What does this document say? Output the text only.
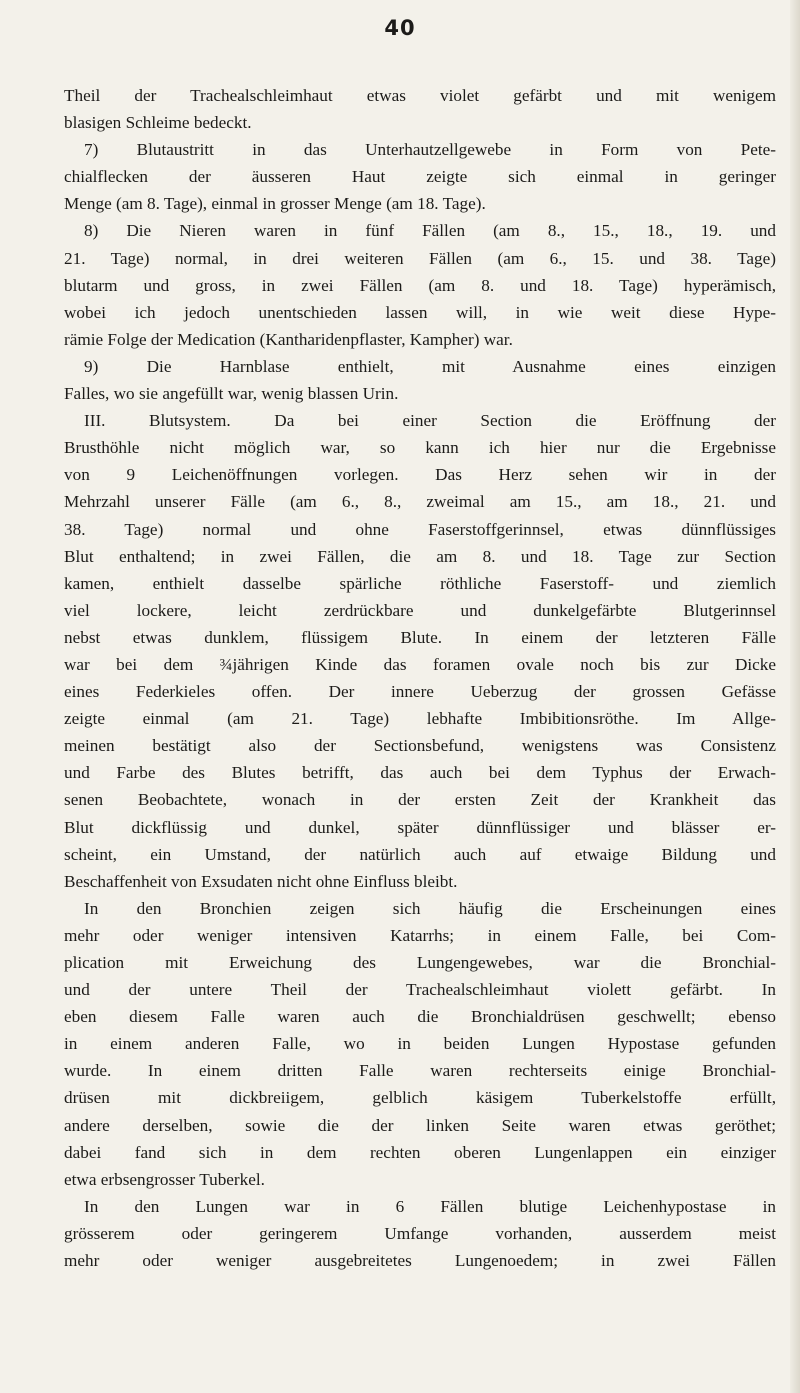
40
Theil der Trachealschleimhaut etwas violet gefärbt und mit wenigem
blasigen Schleime bedeckt.
7) Blutaustritt in das Unterhautzellgewebe in Form von Pete-
chialflecken der äusseren Haut zeigte sich einmal in geringer
Menge (am 8. Tage), einmal in grosser Menge (am 18. Tage).
8) Die Nieren waren in fünf Fällen (am 8., 15., 18., 19. und
21. Tage) normal, in drei weiteren Fällen (am 6., 15. und 38. Tage)
blutarm und gross, in zwei Fällen (am 8. und 18. Tage) hyperämisch,
wobei ich jedoch unentschieden lassen will, in wie weit diese Hype-
rämie Folge der Medication (Kantharidenpflaster, Kampher) war.
9) Die Harnblase enthielt, mit Ausnahme eines einzigen
Falles, wo sie angefüllt war, wenig blassen Urin.
III. Blutsystem. Da bei einer Section die Eröffnung der
Brusthöhle nicht möglich war, so kann ich hier nur die Ergebnisse
von 9 Leichenöffnungen vorlegen. Das Herz sehen wir in der
Mehrzahl unserer Fälle (am 6., 8., zweimal am 15., am 18., 21. und
38. Tage) normal und ohne Faserstoffgerinnsel, etwas dünnflüssiges
Blut enthaltend; in zwei Fällen, die am 8. und 18. Tage zur Section
kamen, enthielt dasselbe spärliche röthliche Faserstoff- und ziemlich
viel lockere, leicht zerdrückbare und dunkelgefärbte Blutgerinnsel
nebst etwas dunklem, flüssigem Blute. In einem der letzteren Fälle
war bei dem ¾jährigen Kinde das foramen ovale noch bis zur Dicke
eines Federkieles offen. Der innere Ueberzug der grossen Gefässe
zeigte einmal (am 21. Tage) lebhafte Imbibitionsröthe. Im Allge-
meinen bestätigt also der Sectionsbefund, wenigstens was Consistenz
und Farbe des Blutes betrifft, das auch bei dem Typhus der Erwach-
senen Beobachtete, wonach in der ersten Zeit der Krankheit das
Blut dickflüssig und dunkel, später dünnflüssiger und blässer er-
scheint, ein Umstand, der natürlich auch auf etwaige Bildung und
Beschaffenheit von Exsudaten nicht ohne Einfluss bleibt.
In den Bronchien zeigen sich häufig die Erscheinungen eines
mehr oder weniger intensiven Katarrhs; in einem Falle, bei Com-
plication mit Erweichung des Lungengewebes, war die Bronchial-
und der untere Theil der Trachealschleimhaut violett gefärbt. In
eben diesem Falle waren auch die Bronchialdrüsen geschwellt; ebenso
in einem anderen Falle, wo in beiden Lungen Hypostase gefunden
wurde. In einem dritten Falle waren rechterseits einige Bronchial-
drüsen mit dickbreiigem, gelblich käsigem Tuberkelstoffe erfüllt,
andere derselben, sowie die der linken Seite waren etwas geröthet;
dabei fand sich in dem rechten oberen Lungenlappen ein einziger
etwa erbsengrosser Tuberkel.
In den Lungen war in 6 Fällen blutige Leichenhypostase in
grösserem oder geringerem Umfange vorhanden, ausserdem meist
mehr oder weniger ausgebreitetes Lungenoedem; in zwei Fällen
